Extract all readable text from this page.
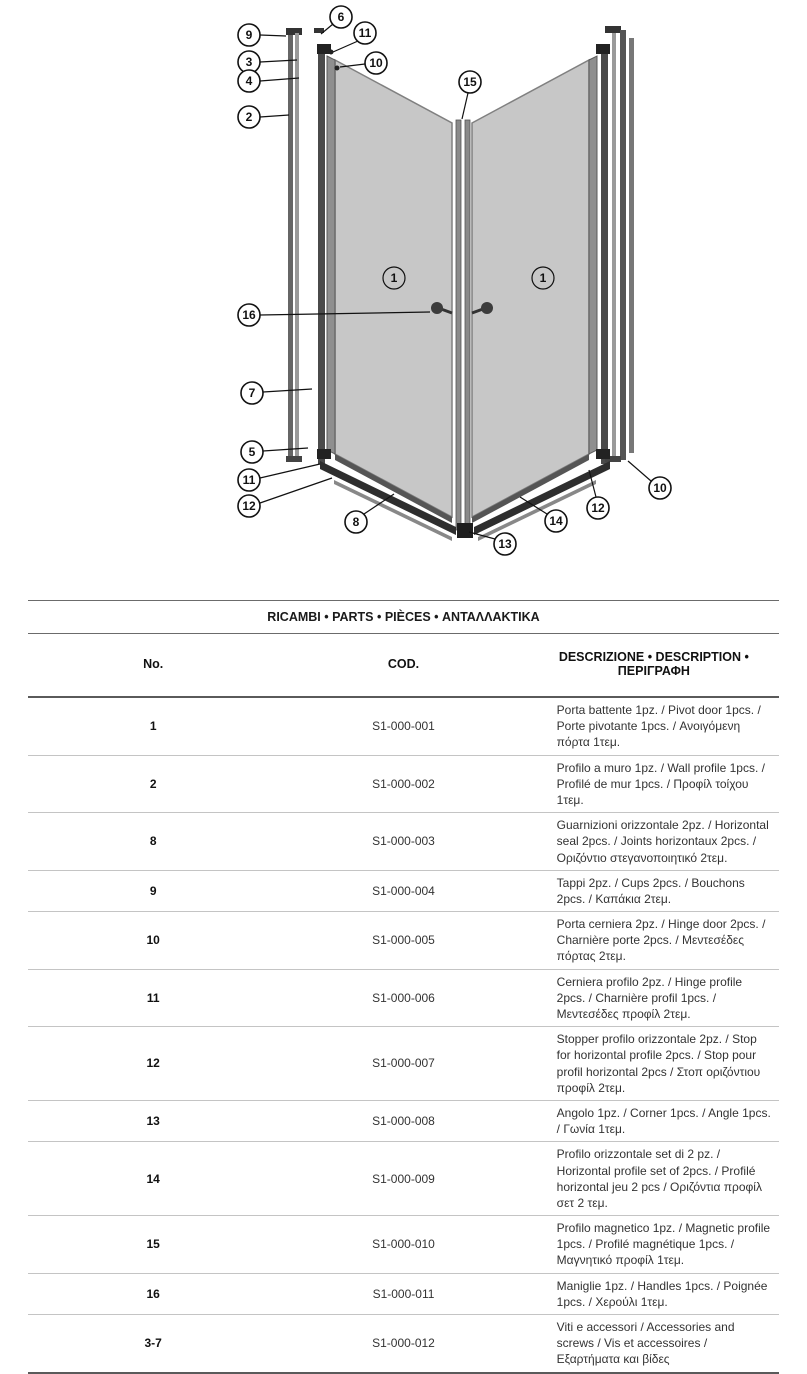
6
9
3
4
2
11
10
15
1	1
16
7
5
11
12
8
13
14
12
10
RICAMBI • PARTS • PIÈCES • ΑΝΤΑΛΛΑΚΤΙΚΑ		
No.	COD.	DESCRIZIONE • DESCRIPTION • ΠΕΡΙΓΡΑΦΗ
1	S1-000-001	Porta battente 1pz. / Pivot door 1pcs. / Porte pivotante 1pcs. / Ανοιγόμενη πόρτα 1τεμ.
2	S1-000-002	Profilo a muro 1pz. / Wall profile 1pcs. / Profilé de mur 1pcs. / Προφίλ τοίχου 1τεμ.
8	S1-000-003	Guarnizioni orizzontale 2pz. / Horizontal seal 2pcs. / Joints horizontaux 2pcs. / Οριζόντιο στεγανοποιητικό 2τεμ.
9	S1-000-004	Tappi 2pz. / Cups 2pcs. / Bouchons 2pcs. / Καπάκια 2τεμ.
10	S1-000-005	Porta cerniera 2pz. / Hinge door 2pcs. / Charnière porte 2pcs. / Μεντεσέδες πόρτας 2τεμ.
11	S1-000-006	Cerniera profilo 2pz. / Hinge profile 2pcs. / Charnière profil 1pcs. / Μεντεσέδες προφίλ 2τεμ.
12	S1-000-007	Stopper profilo orizzontale 2pz. / Stop for horizontal profile 2pcs. / Stop pour profil horizontal 2pcs / Στοπ οριζόντιου προφίλ 2τεμ.
13	S1-000-008	Angolo 1pz. / Corner 1pcs. / Angle 1pcs. / Γωνία 1τεμ.
14	S1-000-009	Profilo orizzontale set di 2 pz. / Horizontal profile set of 2pcs. / Profilé horizontal jeu 2 pcs / Οριζόντια προφίλ σετ 2 τεμ.
15	S1-000-010	Profilo magnetico 1pz. / Magnetic profile 1pcs. / Profilé magnétique 1pcs. / Μαγνητικό προφίλ 1τεμ.
16	S1-000-011	Maniglie 1pz. / Handles 1pcs. / Poignée 1pcs. / Χερούλι 1τεμ.
3-7	S1-000-012	Viti e accessori / Accessories and screws / Vis et accessoires / Εξαρτήματα και βίδες
